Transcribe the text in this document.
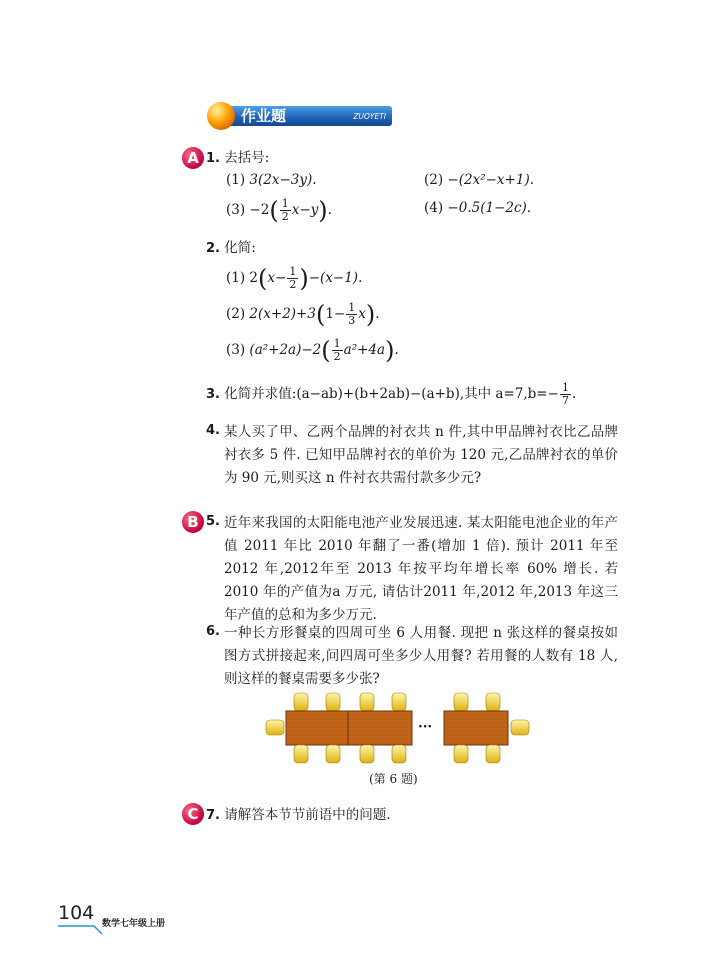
作业题	ZUOYETI
A 1. 去括号:
(1) 3(2x−3y).	(2) −(2x²−x+1).
$(3) -2( \frac{1}{2} x-y)$.	(4) −0.5(1−2c).
2. 化简:
(1) $2(x- \frac{1}{2} )-(x-1)$.
(2) $2(x+2)+3(1- \frac{1}{3} x)$.
(3) $(a^2+2a)-2( \frac{1}{2} a^2+4a)$.
3. 化简并求值:(a−ab)+(b+2ab)−(a+b),其中 $a=7,b=- \frac{1}{7}$ .
4. 某人买了甲、乙两个品牌的衬衣共 n 件,其中甲品牌衬衣比乙品牌衬衣多 5 件. 已知甲品牌衬衣的单价为 120 元,乙品牌衬衣的单价为 90 元,则买这 n 件衬衣共需付款多少元?
B 5. 近年来我国的太阳能电池产业发展迅速. 某太阳能电池企业的年产值 2011 年比 2010 年翻了一番(增加 1 倍). 预计 2011 年至 2012 年,2012年至 2013 年按平均年增长率 60% 增长. 若 2010 年的产值为a 万元, 请估计2011 年,2012 年,2013 年这三年产值的总和为多少万元.
6. 一种长方形餐桌的四周可坐 6 人用餐. 现把 n 张这样的餐桌按如图方式拼接起来,问四周可坐多少人用餐? 若用餐的人数有 18 人,则这样的餐桌需要多少张?
···
(第 6 题)
C 7. 请解答本节节前语中的问题.
104 数学七年级上册
